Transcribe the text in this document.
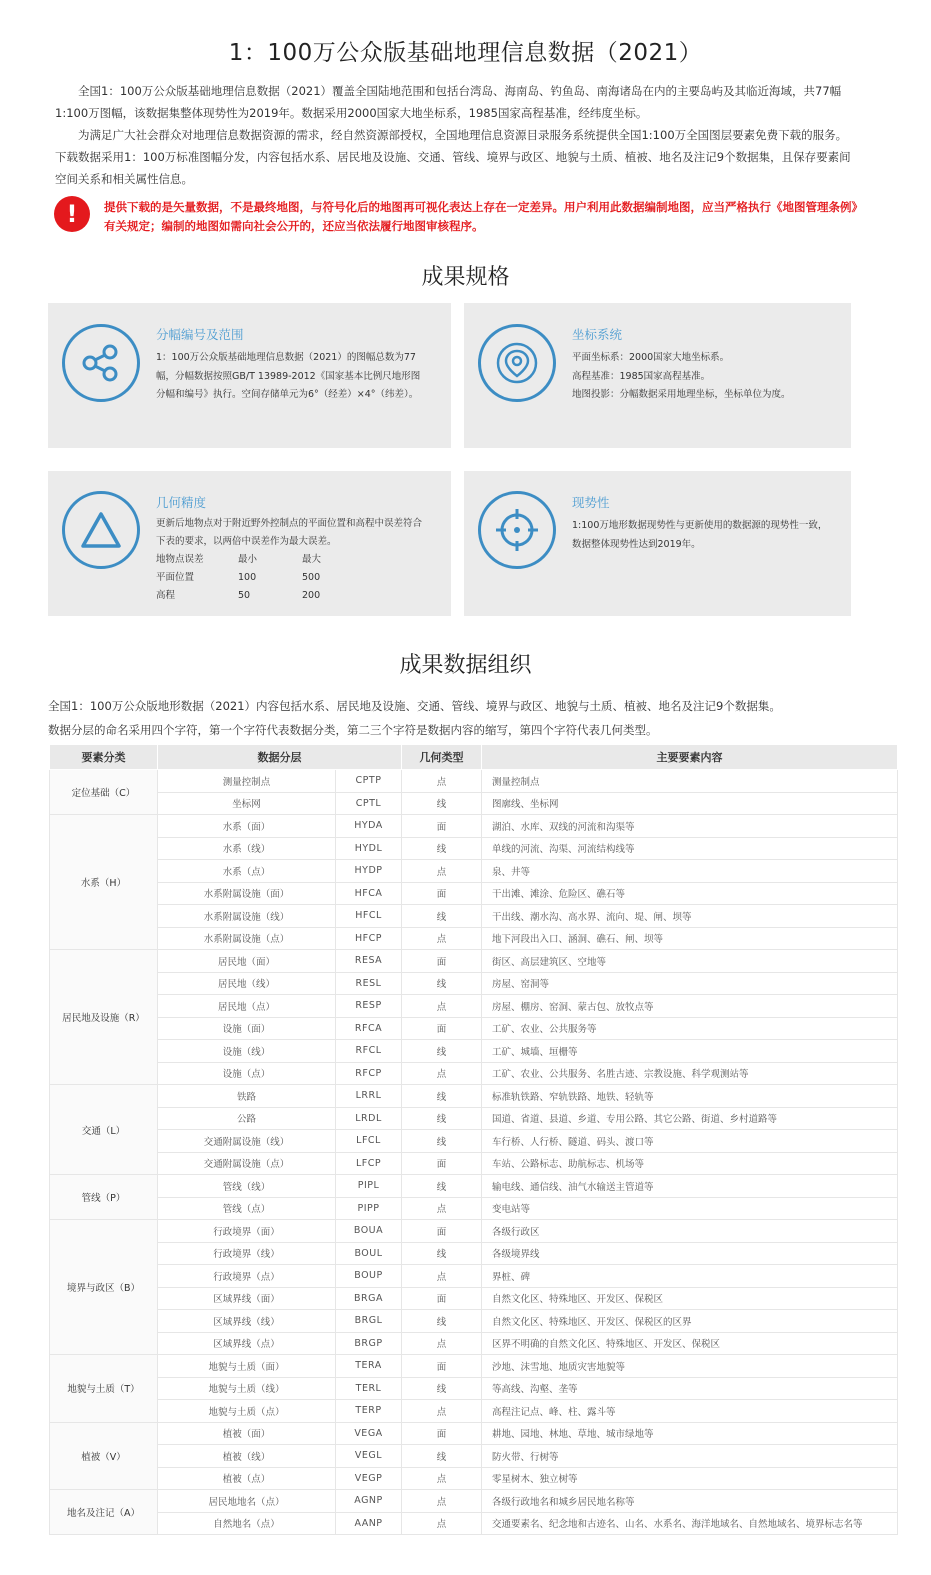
1：100万公众版基础地理信息数据（2021）

全国1：100万公众版基础地理信息数据（2021）覆盖全国陆地范围和包括台湾岛、海南岛、钓鱼岛、南海诸岛在内的主要岛屿及其临近海域，共77幅1:100万图幅，该数据集整体现势性为2019年。数据采用2000国家大地坐标系，1985国家高程基准，经纬度坐标。

为满足广大社会群众对地理信息数据资源的需求，经自然资源部授权，全国地理信息资源目录服务系统提供全国1:100万全国图层要素免费下载的服务。下载数据采用1：100万标准图幅分发，内容包括水系、居民地及设施、交通、管线、境界与政区、地貌与土质、植被、地名及注记9个数据集，且保存要素间空间关系和相关属性信息。

!	提供下载的是矢量数据，不是最终地图，与符号化后的地图再可视化表达上存在一定差异。用户利用此数据编制地图，应当严格执行《地图管理条例》有关规定；编制的地图如需向社会公开的，还应当依法履行地图审核程序。
成果规格
分幅编号及范围
1：100万公众版基础地理信息数据（2021）的图幅总数为77幅，分幅数据按照GB/T 13989-2012《国家基本比例尺地形图分幅和编号》执行。空间存储单元为6°（经差）×4°（纬差）。
坐标系统
平面坐标系：2000国家大地坐标系。
高程基准：1985国家高程基准。
地图投影：分幅数据采用地理坐标，坐标单位为度。
几何精度
更新后地物点对于附近野外控制点的平面位置和高程中误差符合下表的要求，以两倍中误差作为最大误差。
地物点误差	最小	最大
平面位置	100	500
高程	50	200
现势性
1:100万地形数据现势性与更新使用的数据源的现势性一致，数据整体现势性达到2019年。
成果数据组织
全国1：100万公众版地形数据（2021）内容包括水系、居民地及设施、交通、管线、境界与政区、地貌与土质、植被、地名及注记9个数据集。
数据分层的命名采用四个字符，第一个字符代表数据分类，第二三个字符是数据内容的缩写，第四个字符代表几何类型。
要素分类	数据分层		几何类型	主要要素内容
定位基础（C）	测量控制点	CPTP	点	测量控制点
	坐标网	CPTL	线	图廓线、坐标网
水系（H）	水系（面）	HYDA	面	湖泊、水库、双线的河流和沟渠等
	水系（线）	HYDL	线	单线的河流、沟渠、河流结构线等
	水系（点）	HYDP	点	泉、井等
	水系附属设施（面）	HFCA	面	干出滩、滩涂、危险区、礁石等
	水系附属设施（线）	HFCL	线	干出线、潮水沟、高水界、流向、堤、闸、坝等
	水系附属设施（点）	HFCP	点	地下河段出入口、涵洞、礁石、闸、坝等
居民地及设施（R）	居民地（面）	RESA	面	街区、高层建筑区、空地等
	居民地（线）	RESL	线	房屋、窑洞等
	居民地（点）	RESP	点	房屋、棚房、窑洞、蒙古包、放牧点等
	设施（面）	RFCA	面	工矿、农业、公共服务等
	设施（线）	RFCL	线	工矿、城墙、垣栅等
	设施（点）	RFCP	点	工矿、农业、公共服务、名胜古迹、宗教设施、科学观测站等
交通（L）	铁路	LRRL	线	标准轨铁路、窄轨铁路、地铁、轻轨等
	公路	LRDL	线	国道、省道、县道、乡道、专用公路、其它公路、街道、乡村道路等
	交通附属设施（线）	LFCL	线	车行桥、人行桥、隧道、码头、渡口等
	交通附属设施（点）	LFCP	面	车站、公路标志、助航标志、机场等
管线（P）	管线（线）	PIPL	线	输电线、通信线、油气水输送主管道等
	管线（点）	PIPP	点	变电站等
境界与政区（B）	行政境界（面）	BOUA	面	各级行政区
	行政境界（线）	BOUL	线	各级境界线
	行政境界（点）	BOUP	点	界桩、碑
	区域界线（面）	BRGA	面	自然文化区、特殊地区、开发区、保税区
	区域界线（线）	BRGL	线	自然文化区、特殊地区、开发区、保税区的区界
	区域界线（点）	BRGP	点	区界不明确的自然文化区、特殊地区、开发区、保税区
地貌与土质（T）	地貌与土质（面）	TERA	面	沙地、沫雪地、地质灾害地貌等
	地貌与土质（线）	TERL	线	等高线、沟壑、垄等
	地貌与土质（点）	TERP	点	高程注记点、峰、柱、露斗等
植被（V）	植被（面）	VEGA	面	耕地、园地、林地、草地、城市绿地等
	植被（线）	VEGL	线	防火带、行树等
	植被（点）	VEGP	点	零星树木、独立树等
地名及注记（A）	居民地地名（点）	AGNP	点	各级行政地名和城乡居民地名称等
	自然地名（点）	AANP	点	交通要素名、纪念地和古迹名、山名、水系名、海洋地域名、自然地域名、境界标志名等
